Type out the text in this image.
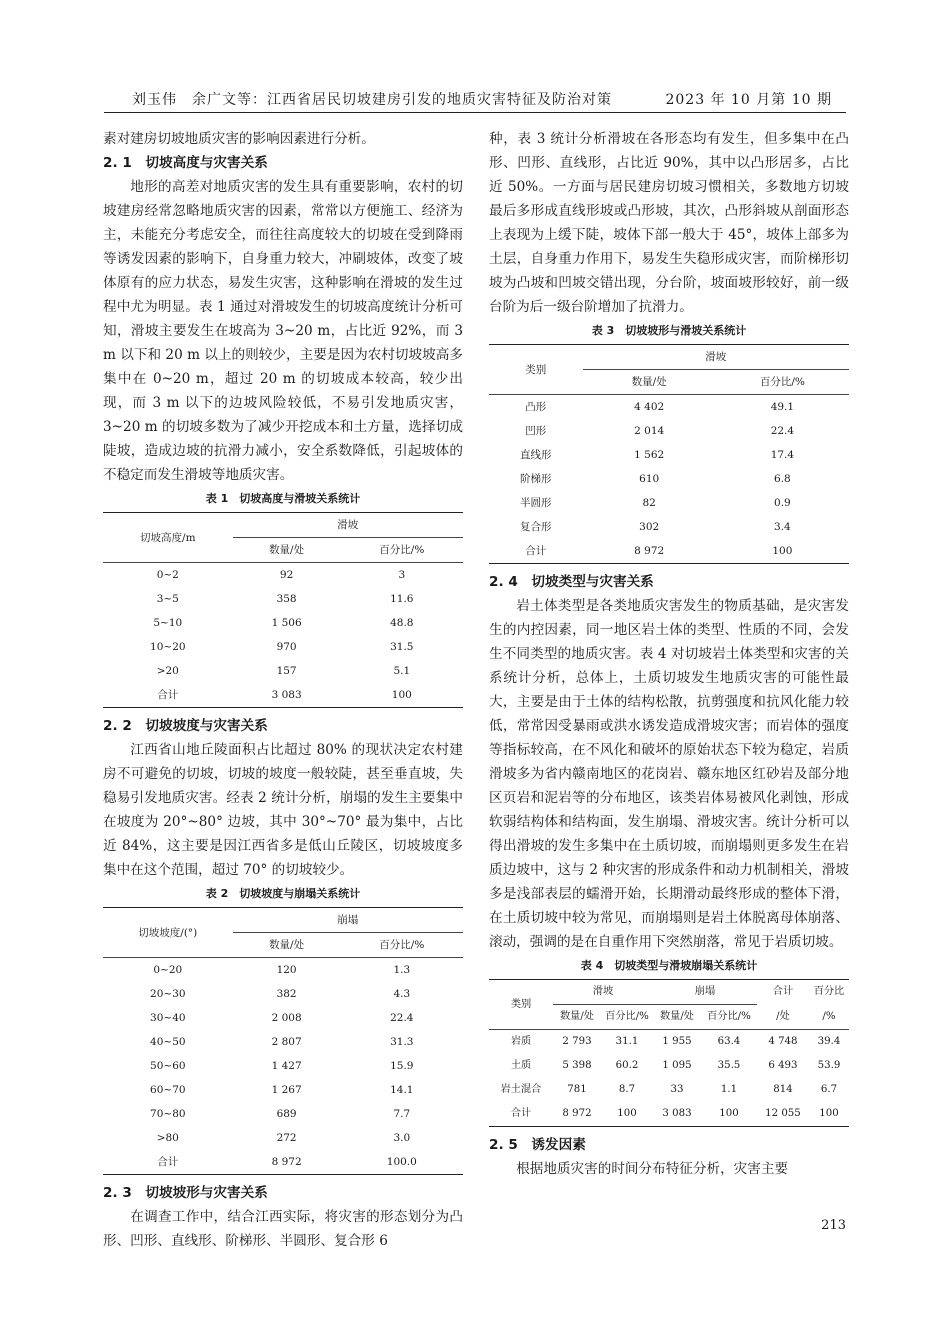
刘玉伟　余广文等：江西省居民切坡建房引发的地质灾害特征及防治对策	2023 年 10 月第 10 期

素对建房切坡地质灾害的影响因素进行分析。

2. 1　切坡高度与灾害关系

地形的高差对地质灾害的发生具有重要影响，农村的切坡建房经常忽略地质灾害的因素，常常以方便施工、经济为主，未能充分考虑安全，而往往高度较大的切坡在受到降雨等诱发因素的影响下，自身重力较大，冲刷坡体，改变了坡体原有的应力状态，易发生灾害，这种影响在滑坡的发生过程中尤为明显。表 1 通过对滑坡发生的切坡高度统计分析可知，滑坡主要发生在坡高为 3~20 m，占比近 92%，而 3 m 以下和 20 m 以上的则较少，主要是因为农村切坡坡高多集中在 0~20 m，超过 20 m 的切坡成本较高，较少出现，而 3 m 以下的边坡风险较低，不易引发地质灾害，3~20 m 的切坡多数为了减少开挖成本和土方量，选择切成陡坡，造成边坡的抗滑力减小，安全系数降低，引起坡体的不稳定而发生滑坡等地质灾害。

表 1　切坡高度与滑坡关系统计
切坡高度/m	滑坡	
	数量/处	百分比/%
0~2	92	3
3~5	358	11.6
5~10	1 506	48.8
10~20	970	31.5
>20	157	5.1
合计	3 083	100
2. 2　切坡坡度与灾害关系

江西省山地丘陵面积占比超过 80% 的现状决定农村建房不可避免的切坡，切坡的坡度一般较陡，甚至垂直坡，失稳易引发地质灾害。经表 2 统计分析，崩塌的发生主要集中在坡度为 20°~80° 边坡，其中 30°~70° 最为集中，占比近 84%，这主要是因江西省多是低山丘陵区，切坡坡度多集中在这个范围，超过 70° 的切坡较少。

表 2　切坡坡度与崩塌关系统计
切坡坡度/(°)	崩塌	
	数量/处	百分比/%
0~20	120	1.3
20~30	382	4.3
30~40	2 008	22.4
40~50	2 807	31.3
50~60	1 427	15.9
60~70	1 267	14.1
70~80	689	7.7
>80	272	3.0
合计	8 972	100.0
2. 3　切坡坡形与灾害关系

在调查工作中，结合江西实际，将灾害的形态划分为凸形、凹形、直线形、阶梯形、半圆形、复合形 6

种，表 3 统计分析滑坡在各形态均有发生，但多集中在凸形、凹形、直线形，占比近 90%，其中以凸形居多，占比近 50%。一方面与居民建房切坡习惯相关，多数地方切坡最后多形成直线形坡或凸形坡，其次，凸形斜坡从剖面形态上表现为上缓下陡，坡体下部一般大于 45°，坡体上部多为土层，自身重力作用下，易发生失稳形成灾害，而阶梯形切坡为凸坡和凹坡交错出现，分台阶，坡面坡形较好，前一级台阶为后一级台阶增加了抗滑力。

表 3　切坡坡形与滑坡关系统计
类别	滑坡	
	数量/处	百分比/%
凸形	4 402	49.1
凹形	2 014	22.4
直线形	1 562	17.4
阶梯形	610	6.8
半圆形	82	0.9
复合形	302	3.4
合计	8 972	100
2. 4　切坡类型与灾害关系

岩土体类型是各类地质灾害发生的物质基础，是灾害发生的内控因素，同一地区岩土体的类型、性质的不同，会发生不同类型的地质灾害。表 4 对切坡岩土体类型和灾害的关系统计分析，总体上，土质切坡发生地质灾害的可能性最大，主要是由于土体的结构松散，抗剪强度和抗风化能力较低，常常因受暴雨或洪水诱发造成滑坡灾害；而岩体的强度等指标较高，在不风化和破坏的原始状态下较为稳定，岩质滑坡多为省内赣南地区的花岗岩、赣东地区红砂岩及部分地区页岩和泥岩等的分布地区，该类岩体易被风化剥蚀，形成软弱结构体和结构面，发生崩塌、滑坡灾害。统计分析可以得出滑坡的发生多集中在土质切坡，而崩塌则更多发生在岩质边坡中，这与 2 种灾害的形成条件和动力机制相关，滑坡多是浅部表层的蠕滑开始，长期滑动最终形成的整体下滑，在土质切坡中较为常见，而崩塌则是岩土体脱离母体崩落、滚动，强调的是在自重作用下突然崩落，常见于岩质切坡。

表 4　切坡类型与滑坡崩塌关系统计
类别	滑坡		崩塌		合计	百分比
	数量/处	百分比/%	数量/处	百分比/%	/处	/%
岩质	2 793	31.1	1 955	63.4	4 748	39.4
土质	5 398	60.2	1 095	35.5	6 493	53.9
岩土混合	781	8.7	33	1.1	814	6.7
合计	8 972	100	3 083	100	12 055	100
2. 5　诱发因素

根据地质灾害的时间分布特征分析，灾害主要

213
